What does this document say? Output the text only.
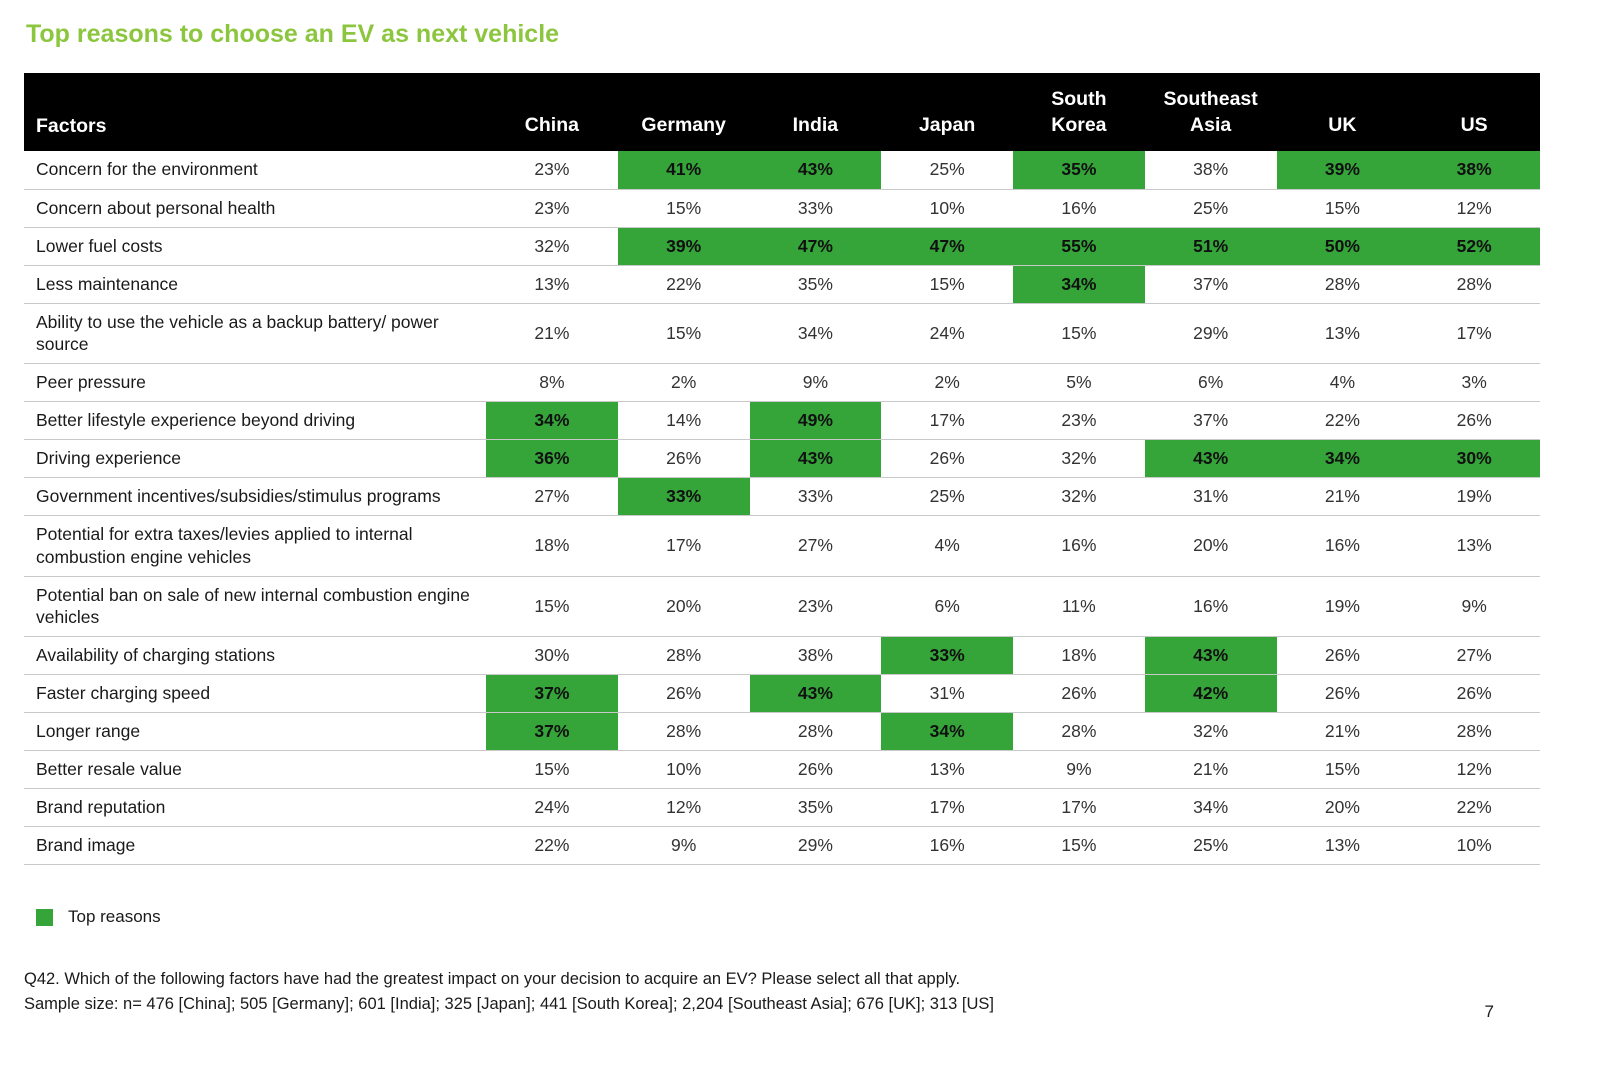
Top reasons to choose an EV as next vehicle
Factors	China	Germany	India	Japan	South Korea	Southeast Asia	UK	US
Concern for the environment	23%	41%	43%	25%	35%	38%	39%	38%
Concern about personal health	23%	15%	33%	10%	16%	25%	15%	12%
Lower fuel costs	32%	39%	47%	47%	55%	51%	50%	52%
Less maintenance	13%	22%	35%	15%	34%	37%	28%	28%
Ability to use the vehicle as a backup battery/ power source	21%	15%	34%	24%	15%	29%	13%	17%
Peer pressure	8%	2%	9%	2%	5%	6%	4%	3%
Better lifestyle experience beyond driving	34%	14%	49%	17%	23%	37%	22%	26%
Driving experience	36%	26%	43%	26%	32%	43%	34%	30%
Government incentives/subsidies/stimulus programs	27%	33%	33%	25%	32%	31%	21%	19%
Potential for extra taxes/levies applied to internal combustion engine vehicles	18%	17%	27%	4%	16%	20%	16%	13%
Potential ban on sale of new internal combustion engine vehicles	15%	20%	23%	6%	11%	16%	19%	9%
Availability of charging stations	30%	28%	38%	33%	18%	43%	26%	27%
Faster charging speed	37%	26%	43%	31%	26%	42%	26%	26%
Longer range	37%	28%	28%	34%	28%	32%	21%	28%
Better resale value	15%	10%	26%	13%	9%	21%	15%	12%
Brand reputation	24%	12%	35%	17%	17%	34%	20%	22%
Brand image	22%	9%	29%	16%	15%	25%	13%	10%
Top reasons
Q42. Which of the following factors have had the greatest impact on your decision to acquire an EV? Please select all that apply.
Sample size: n= 476 [China]; 505 [Germany]; 601 [India]; 325 [Japan]; 441 [South Korea]; 2,204 [Southeast Asia]; 676 [UK]; 313 [US]	7
